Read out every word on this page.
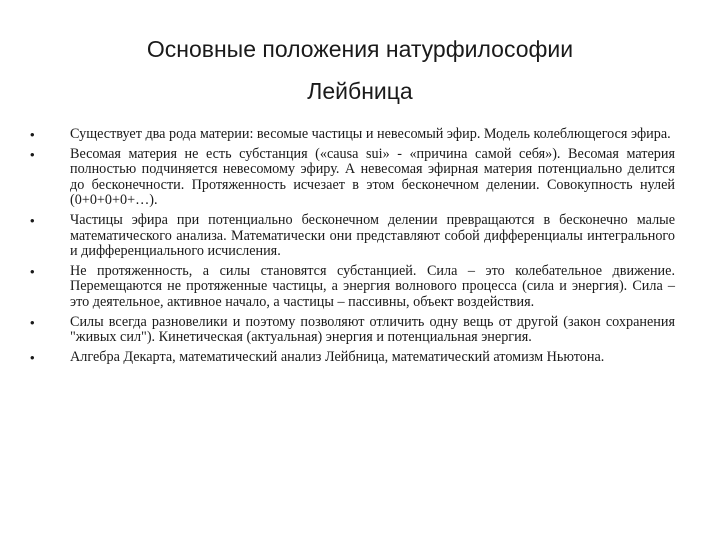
Основные положения натурфилософии
Лейбница
•	Существует два рода материи: весомые частицы и невесомый эфир. Модель колеблющегося эфира.
•	Весомая материя не есть субстанция («causa sui» - «причина самой себя»). Весомая материя полностью подчиняется невесомому эфиру. А невесомая эфирная материя потенциально делится до бесконечности. Протяженность исчезает в этом бесконечном делении. Совокупность нулей (0+0+0+0+…).
•	Частицы эфира при потенциально бесконечном делении превращаются в бесконечно малые математического анализа. Математически они представляют собой дифференциалы интегрального и дифференциального исчисления.
•	Не протяженность, а силы становятся субстанцией. Сила – это колебательное движение. Перемещаются не протяженные частицы, а энергия волнового процесса (сила и энергия). Сила – это деятельное, активное начало, а частицы – пассивны, объект воздействия.
•	Силы всегда разновелики и поэтому позволяют отличить одну вещь от другой (закон сохранения "живых сил"). Кинетическая (актуальная) энергия и потенциальная энергия.
•	Алгебра Декарта, математический анализ Лейбница, математический атомизм Ньютона.
